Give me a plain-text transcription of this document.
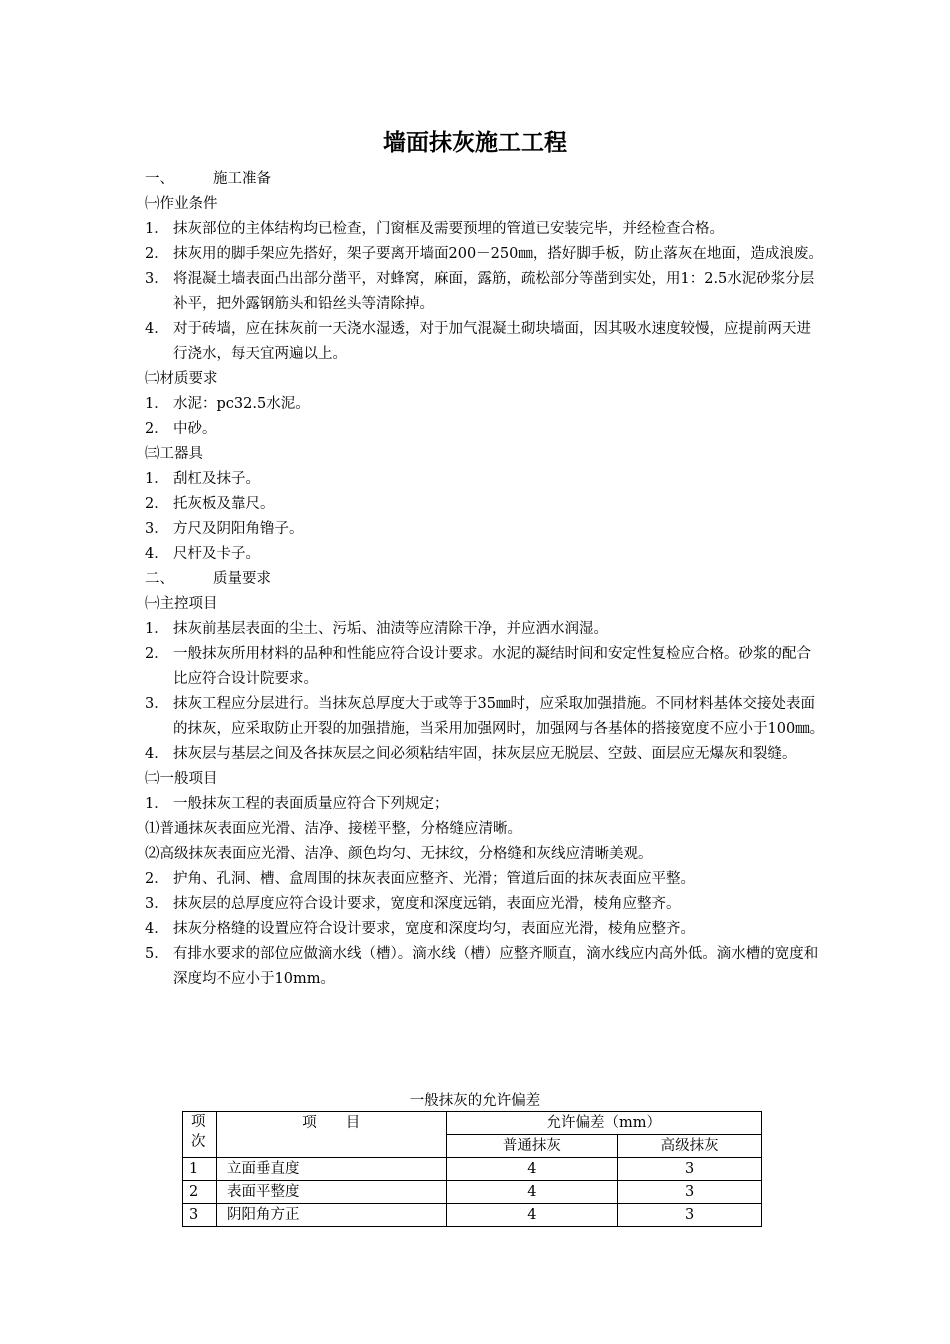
墙面抹灰施工工程
一、	施工准备
㈠作业条件
1． 抹灰部位的主体结构均已检查，门窗框及需要预埋的管道已安装完毕，并经检查合格。
2． 抹灰用的脚手架应先搭好，架子要离开墙面200－250㎜，搭好脚手板，防止落灰在地面，造成浪废。
3． 将混凝土墙表面凸出部分凿平，对蜂窝，麻面，露筋，疏松部分等凿到实处，用1：2.5水泥砂浆分层补平，把外露钢筋头和铅丝头等清除掉。
4． 对于砖墙，应在抹灰前一天浇水湿透，对于加气混凝土砌块墙面，因其吸水速度较慢，应提前两天进行浇水，每天宜两遍以上。
㈡材质要求
1． 水泥：pc32.5水泥。
2． 中砂。
㈢工器具
1． 刮杠及抹子。
2． 托灰板及靠尺。
3． 方尺及阴阳角镥子。
4． 尺杆及卡子。
二、	质量要求
㈠主控项目
1． 抹灰前基层表面的尘土、污垢、油渍等应清除干净，并应洒水润湿。
2． 一般抹灰所用材料的品种和性能应符合设计要求。水泥的凝结时间和安定性复检应合格。砂浆的配合比应符合设计院要求。
3． 抹灰工程应分层进行。当抹灰总厚度大于或等于35㎜时，应采取加强措施。不同材料基体交接处表面的抹灰，应采取防止开裂的加强措施，当采用加强网时，加强网与各基体的搭接宽度不应小于100㎜。
4． 抹灰层与基层之间及各抹灰层之间必须粘结牢固，抹灰层应无脱层、空鼓、面层应无爆灰和裂缝。
㈡一般项目
1． 一般抹灰工程的表面质量应符合下列规定；
⑴普通抹灰表面应光滑、洁净、接槎平整，分格缝应清晰。
⑵高级抹灰表面应光滑、洁净、颜色均匀、无抹纹，分格缝和灰线应清晰美观。
2． 护角、孔洞、槽、盒周围的抹灰表面应整齐、光滑；管道后面的抹灰表面应平整。
3． 抹灰层的总厚度应符合设计要求，宽度和深度远销，表面应光滑，棱角应整齐。
4． 抹灰分格缝的设置应符合设计要求，宽度和深度均匀，表面应光滑，棱角应整齐。
5． 有排水要求的部位应做滴水线（槽）。滴水线（槽）应整齐顺直，滴水线应内高外低。滴水槽的宽度和深度均不应小于10mm。
一般抹灰的允许偏差
项次	项　　目	允许偏差（mm）	
		普通抹灰	高级抹灰
1	立面垂直度	4	3
2	表面平整度	4	3
3	阴阳角方正	4	3
